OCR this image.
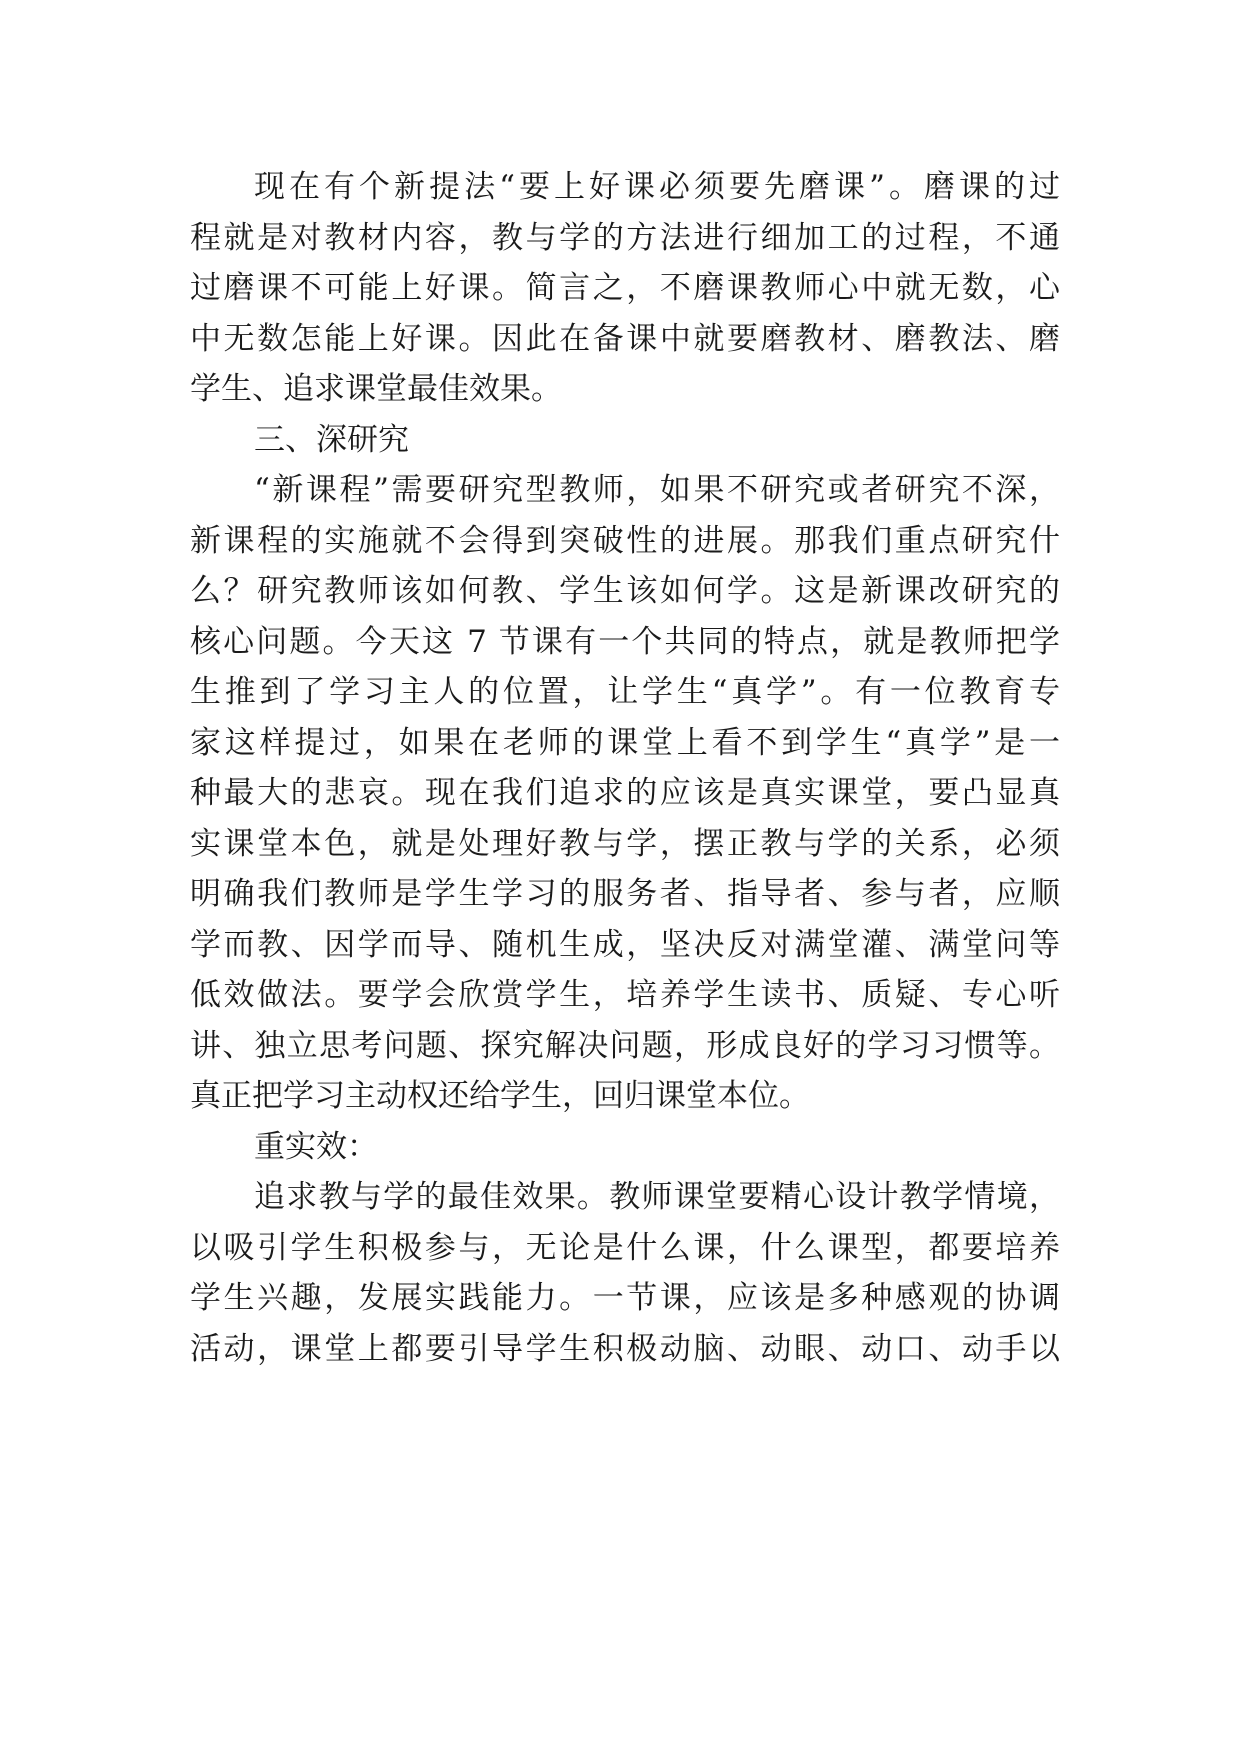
现在有个新提法“要上好课必须要先磨课”。磨课的过
程就是对教材内容，教与学的方法进行细加工的过程，不通
过磨课不可能上好课。简言之，不磨课教师心中就无数，心
中无数怎能上好课。因此在备课中就要磨教材、磨教法、磨
学生、追求课堂最佳效果。
三、深研究
“新课程”需要研究型教师，如果不研究或者研究不深，
新课程的实施就不会得到突破性的进展。那我们重点研究什
么？研究教师该如何教、学生该如何学。这是新课改研究的
核心问题。今天这 7 节课有一个共同的特点，就是教师把学
生推到了学习主人的位置，让学生“真学”。有一位教育专
家这样提过，如果在老师的课堂上看不到学生“真学”是一
种最大的悲哀。现在我们追求的应该是真实课堂，要凸显真
实课堂本色，就是处理好教与学，摆正教与学的关系，必须
明确我们教师是学生学习的服务者、指导者、参与者，应顺
学而教、因学而导、随机生成，坚决反对满堂灌、满堂问等
低效做法。要学会欣赏学生，培养学生读书、质疑、专心听
讲、独立思考问题、探究解决问题，形成良好的学习习惯等。
真正把学习主动权还给学生，回归课堂本位。
重实效：
追求教与学的最佳效果。教师课堂要精心设计教学情境，
以吸引学生积极参与，无论是什么课，什么课型，都要培养
学生兴趣，发展实践能力。一节课，应该是多种感观的协调
活动，课堂上都要引导学生积极动脑、动眼、动口、动手以
